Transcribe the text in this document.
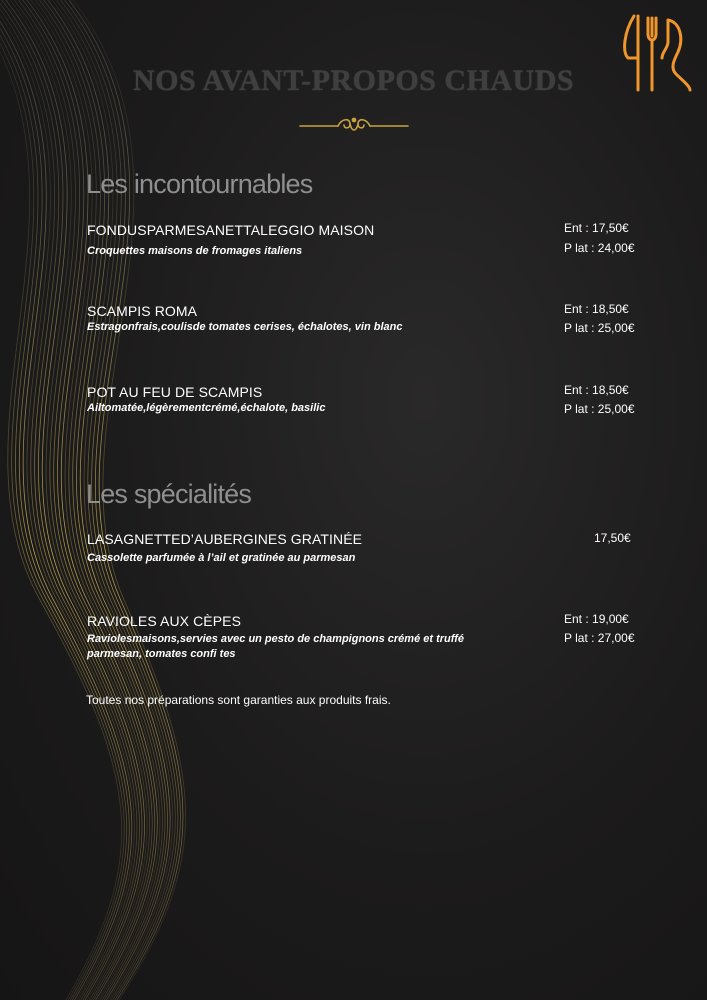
NOS AVANT-PROPOS CHAUDS
Les incontournables
FONDUSPARMESANETTALEGGIO MAISON
Croquettes maisons de fromages italiens
Ent : 17,50€
P lat : 24,00€
SCAMPIS ROMA
Estragonfrais,coulisde tomates cerises, échalotes, vin blanc
Ent : 18,50€
P lat : 25,00€
POT AU FEU DE SCAMPIS
Ailtomatée,légèrementcrémé,échalote, basilic
Ent : 18,50€
P lat : 25,00€
Les spécialités
LASAGNETTED’AUBERGINES GRATINÉE
Cassolette parfumée à l’ail et gratinée au parmesan
17,50€
RAVIOLES AUX CÈPES
Raviolesmaisons,servies avec un pesto de champignons crémé et truffé
parmesan, tomates confi tes
Ent : 19,00€
P lat : 27,00€
Toutes nos préparations sont garanties aux produits frais.
